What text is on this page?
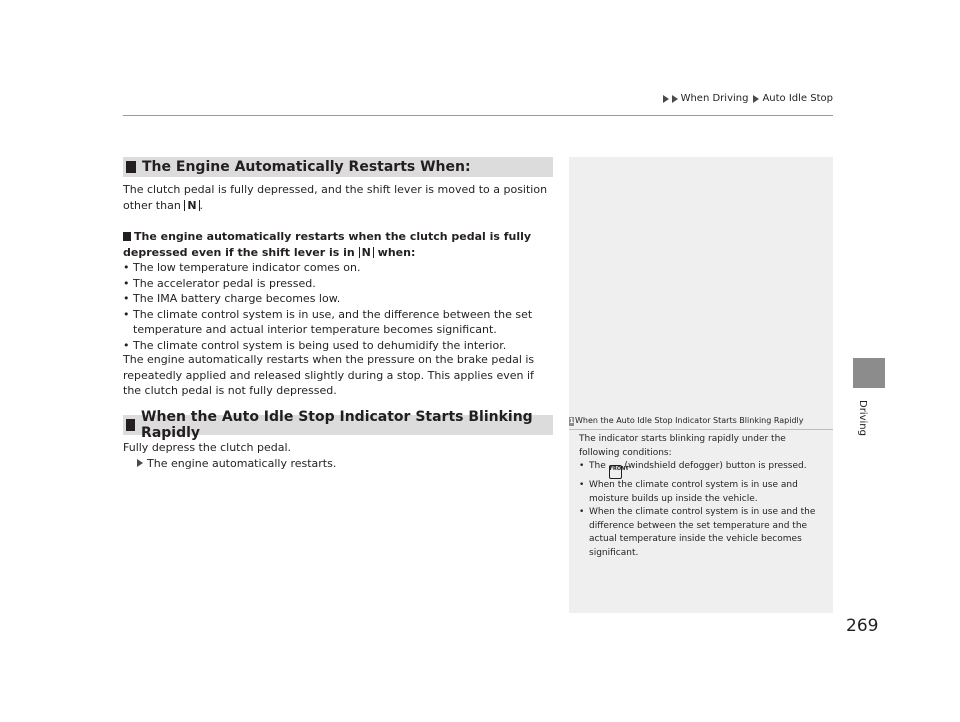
When Driving Auto Idle Stop
Driving
The Engine Automatically Restarts When:
The clutch pedal is fully depressed, and the shift lever is moved to a position other than N .
The engine automatically restarts when the clutch pedal is fully depressed even if the shift lever is in N when:
• The low temperature indicator comes on.
• The accelerator pedal is pressed.
• The IMA battery charge becomes low.
• The climate control system is in use, and the difference between the set temperature and actual interior temperature becomes significant.
• The climate control system is being used to dehumidify the interior.
The engine automatically restarts when the pressure on the brake pedal is repeatedly applied and released slightly during a stop. This applies even if the clutch pedal is not fully depressed.
When the Auto Idle Stop Indicator Starts Blinking Rapidly
Fully depress the clutch pedal.
The engine automatically restarts.
1When the Auto Idle Stop Indicator Starts Blinking Rapidly
The indicator starts blinking rapidly under the following conditions:
• The FRONT (windshield defogger) button is pressed.
• When the climate control system is in use and moisture builds up inside the vehicle.
• When the climate control system is in use and the difference between the set temperature and the actual temperature inside the vehicle becomes significant.
269
